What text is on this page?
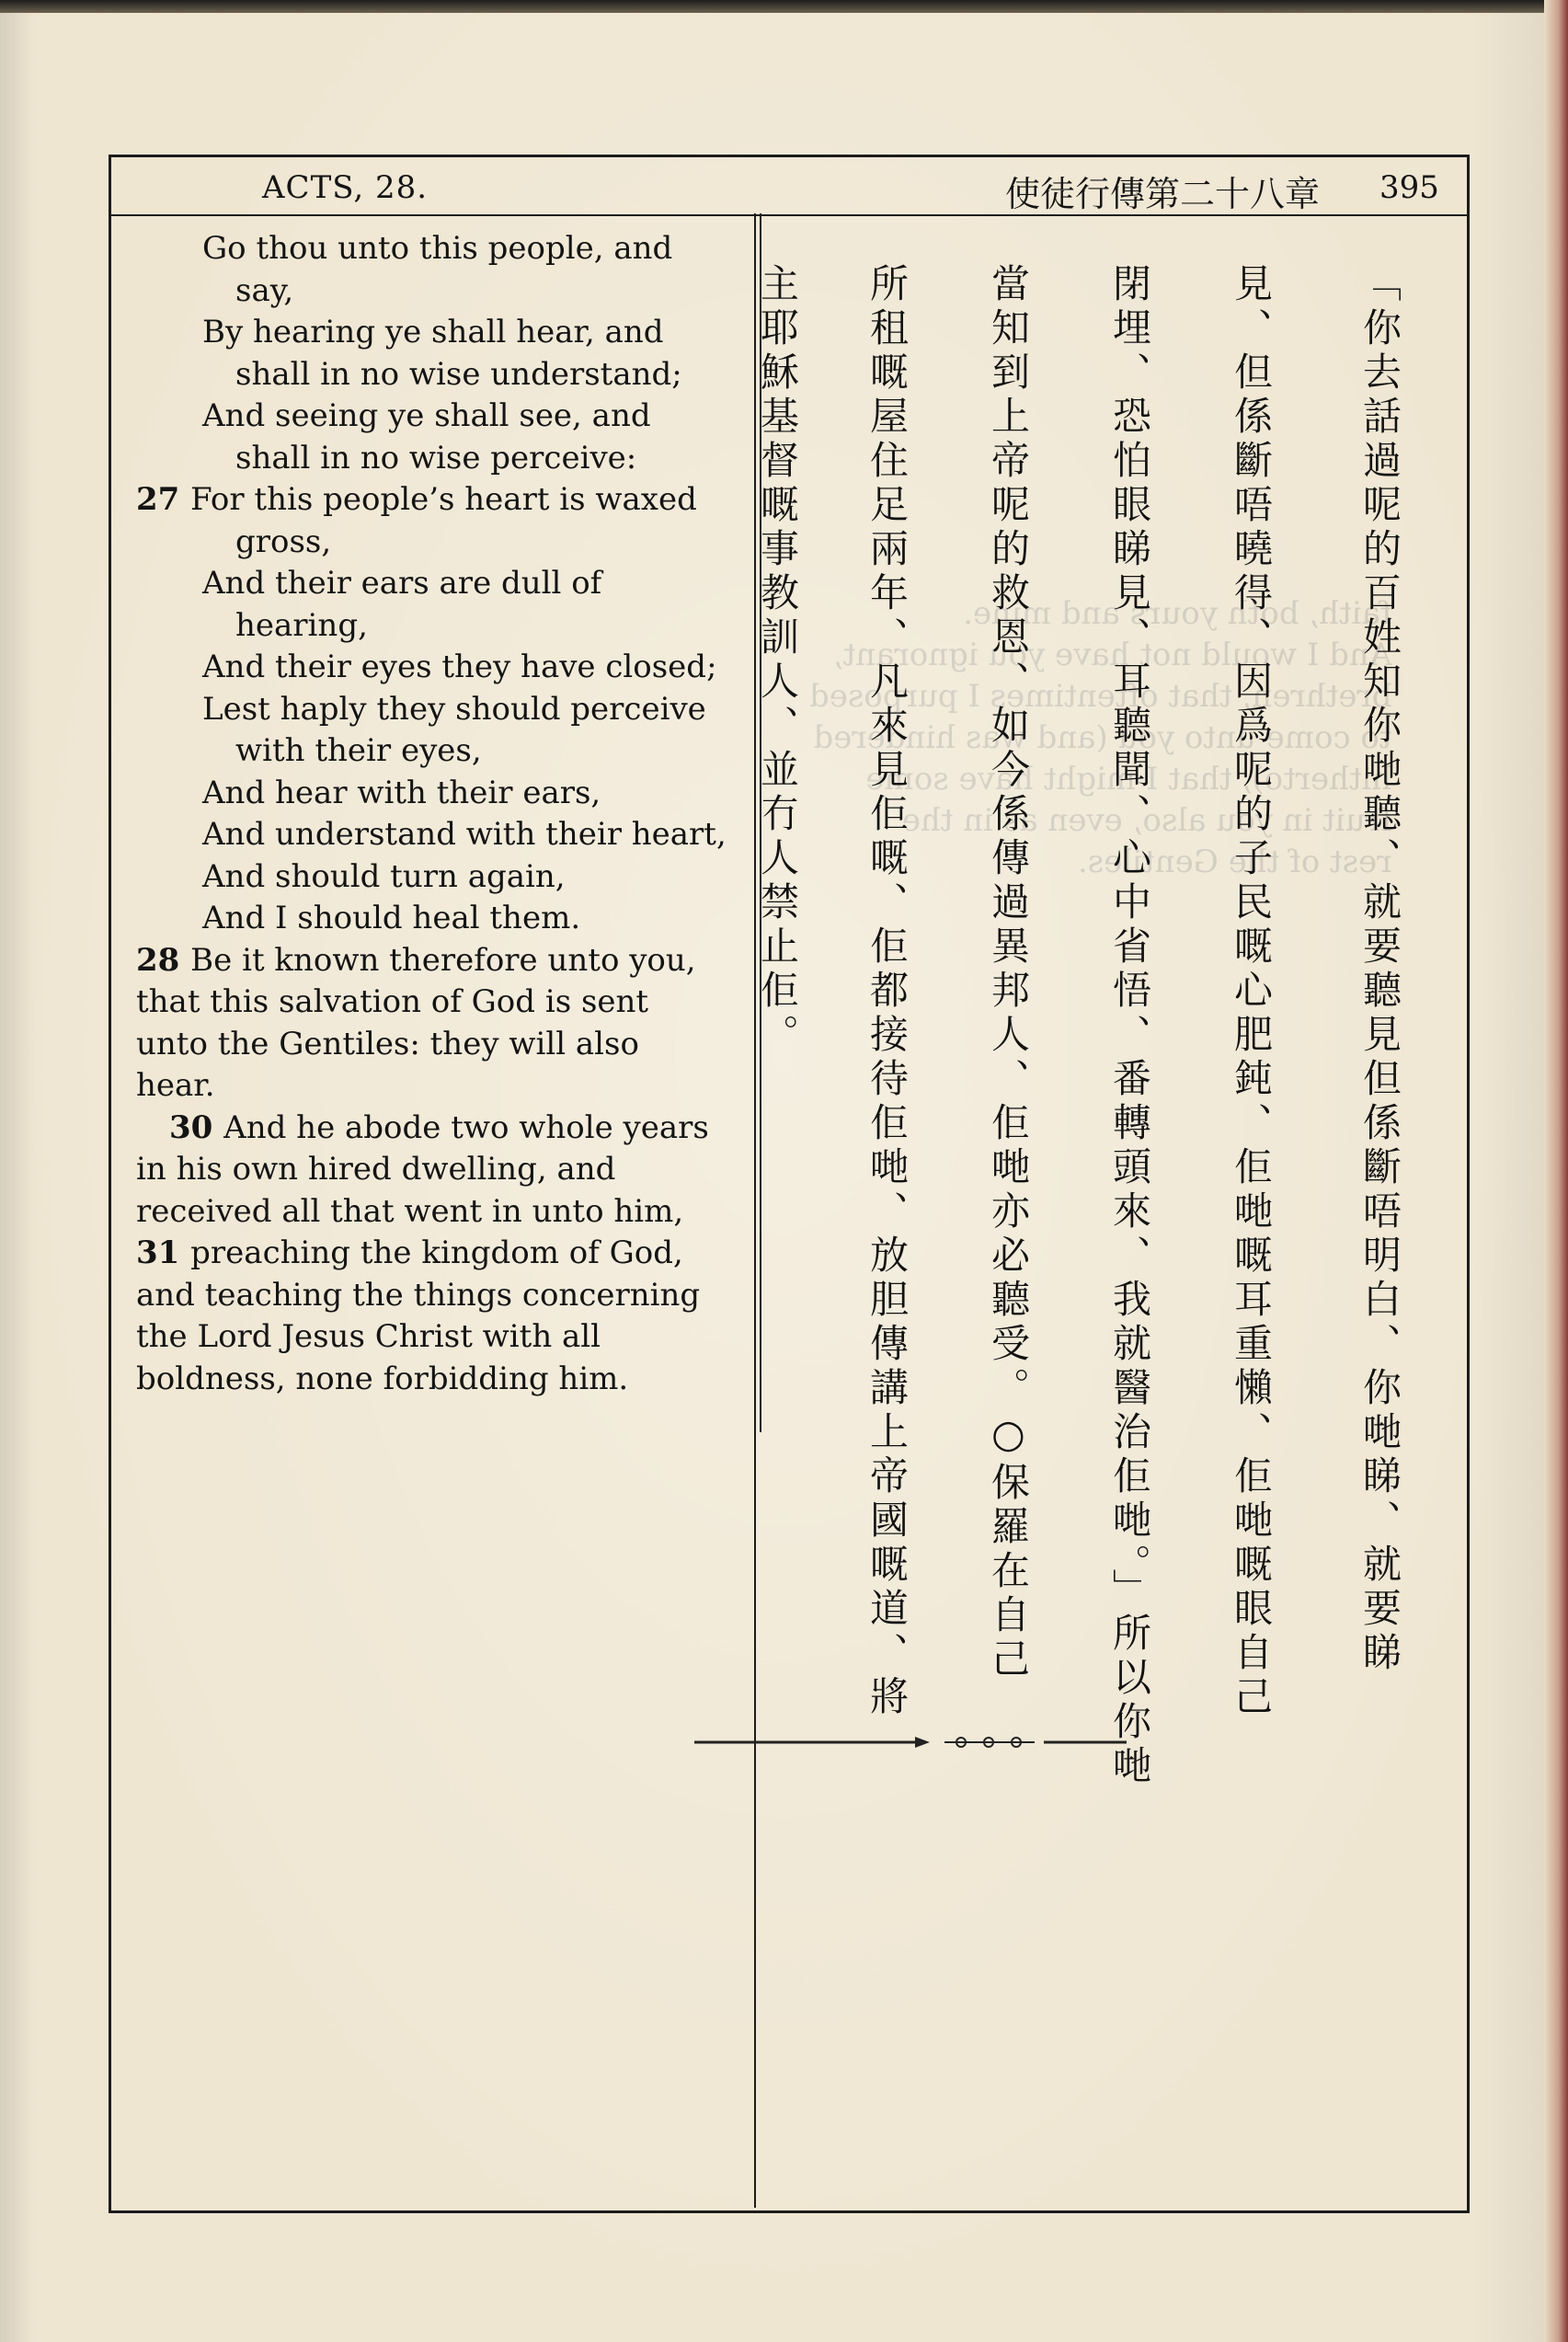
faith, both yours and mine.
And I would not have you ignorant,
brethren, that oftentimes I purposed
to come unto you (and was hindered
hitherto), that I might have some
fruit in you also, even as in the
rest of the Gentiles.

ACTS, 28.	使徒行傳第二十八章 395
Go thou unto this people, and
say,
By hearing ye shall hear, and
shall in no wise understand;
And seeing ye shall see, and
shall in no wise perceive:
27 For this people’s heart is waxed
gross,
And their ears are dull of
hearing,
And their eyes they have closed;
Lest haply they should perceive
with their eyes,
And hear with their ears,
And understand with their heart,
And should turn again,
And I should heal them.
28 Be it known therefore unto you,
that this salvation of God is sent
unto the Gentiles: they will also
hear.
30 And he abode two whole years
in his own hired dwelling, and
received all that went in unto him,
31 preaching the kingdom of God,
and teaching the things concerning
the Lord Jesus Christ with all
boldness, none forbidding him.	「你去話過呢的百姓知你哋聽、就要聽見但係斷唔明白、你哋睇、就要睇
見、但係斷唔曉得、因爲呢的子民嘅心肥鈍、佢哋嘅耳重懶、佢哋嘅眼自己
閉埋、恐怕眼睇見、耳聽聞、心中省悟、番轉頭來、我就醫治佢哋。」所以你哋
當知到上帝呢的救恩、如今係傳過異邦人、佢哋亦必聽受。○保羅在自己
所租嘅屋住足兩年、凡來見佢嘅、佢都接待佢哋、放胆傳講上帝國嘅道、將
主耶穌基督嘅事教訓人、並冇人禁止佢。
